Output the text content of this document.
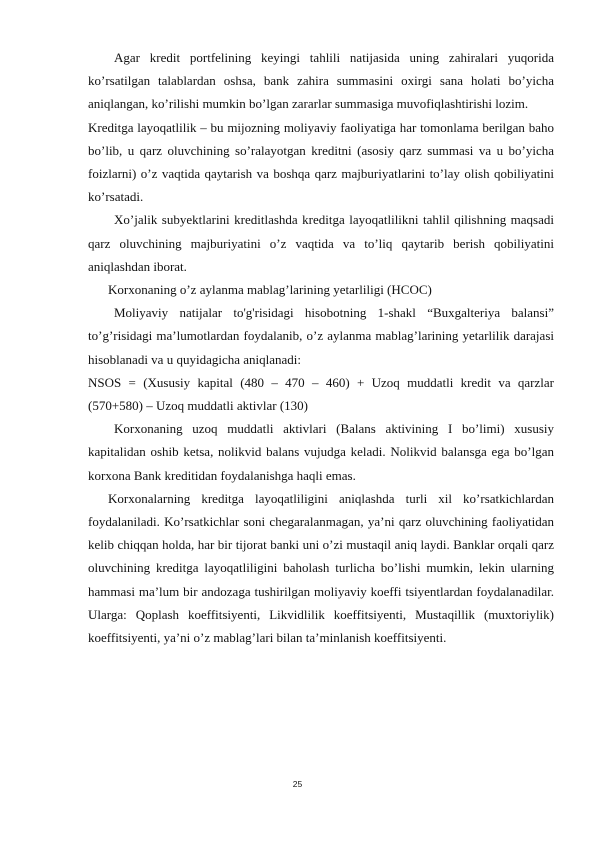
Agar kredit portfelining keyingi tahlili natijasida uning zahiralari yuqorida ko’rsatilgan talablardan oshsa, bank zahira summasini oxirgi sana holati bo’yicha aniqlangan, ko’rilishi mumkin bo’lgan zararlar summasiga muvofiqlashtirishi lozim.

Kreditga layoqatlilik – bu mijozning moliyaviy faoliyatiga har tomonlama berilgan baho bo’lib, u qarz oluvchining so’ralayotgan kreditni (asosiy qarz summasi va u bo’yicha foizlarni) o’z vaqtida qaytarish va boshqa qarz majburiyatlarini to’lay olish qobiliyatini ko’rsatadi.

Xo’jalik subyektlarini kreditlashda kreditga layoqatlilikni tahlil qilishning maqsadi qarz oluvchining majburiyatini o’z vaqtida va to’liq qaytarib berish qobiliyatini aniqlashdan iborat.

Korxonaning o’z aylanma mablag’larining yetarliligi (HCOC)

Moliyaviy natijalar to'g'risidagi hisobotning 1-shakl “Buxgalteriya balansi” to’g’risidagi ma’lumotlardan foydalanib, o’z aylanma mablag’larining yetarlilik darajasi hisoblanadi va u quyidagicha aniqlanadi:

NSOS = (Xususiy kapital (480 – 470 – 460) + Uzoq muddatli kredit va qarzlar (570+580) – Uzoq muddatli aktivlar (130)

Korxonaning uzoq muddatli aktivlari (Balans aktivining I bo’limi) xususiy kapitalidan oshib ketsa, nolikvid balans vujudga keladi. Nolikvid balansga ega bo’lgan korxona Bank kreditidan foydalanishga haqli emas.

Korxonalarning kreditga layoqatliligini aniqlashda turli xil ko’rsatkichlardan foydalaniladi. Ko’rsatkichlar soni chegaralanmagan, ya’ni qarz oluvchining faoliyatidan kelib chiqqan holda, har bir tijorat banki uni o’zi mustaqil aniq laydi. Banklar orqali qarz oluvchining kreditga layoqatliligini baholash turlicha bo’lishi mumkin, lekin ularning hammasi ma’lum bir andozaga tushirilgan moliyaviy koeffi tsiyentlardan foydalanadilar. Ularga: Qoplash koeffitsiyenti, Likvidlilik koeffitsiyenti, Mustaqillik (muxtoriylik) koeffitsiyenti, ya’ni o’z mablag’lari bilan ta’minlanish koeffitsiyenti.

25
